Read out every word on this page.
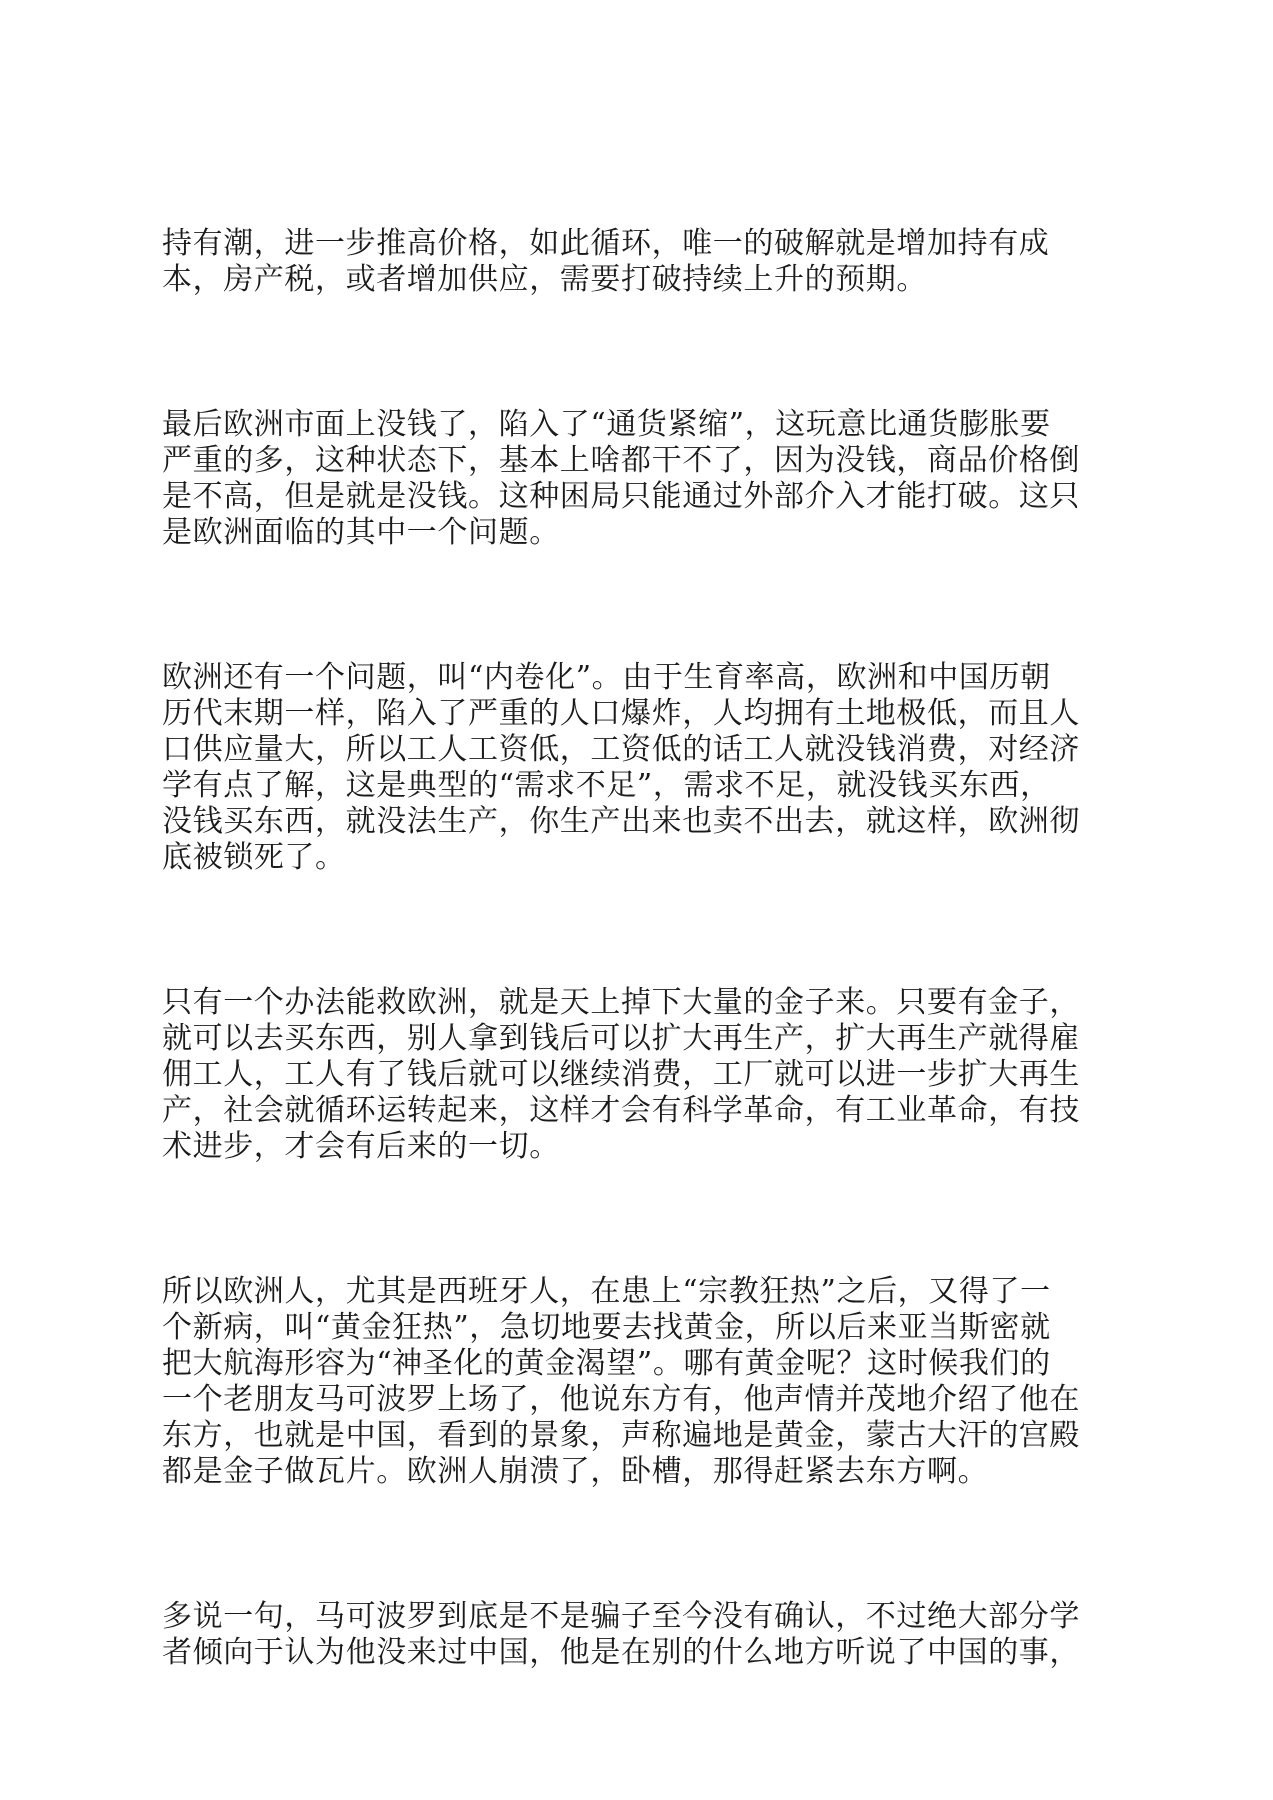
持有潮，进一步推高价格，如此循环，唯一的破解就是增加持有成
本，房产税，或者增加供应，需要打破持续上升的预期。
最后欧洲市面上没钱了，陷入了“通货紧缩”，这玩意比通货膨胀要
严重的多，这种状态下，基本上啥都干不了，因为没钱，商品价格倒
是不高，但是就是没钱。这种困局只能通过外部介入才能打破。这只
是欧洲面临的其中一个问题。
欧洲还有一个问题，叫“内卷化”。由于生育率高，欧洲和中国历朝
历代末期一样，陷入了严重的人口爆炸，人均拥有土地极低，而且人
口供应量大，所以工人工资低，工资低的话工人就没钱消费，对经济
学有点了解，这是典型的“需求不足”，需求不足，就没钱买东西，
没钱买东西，就没法生产，你生产出来也卖不出去，就这样，欧洲彻
底被锁死了。
只有一个办法能救欧洲，就是天上掉下大量的金子来。只要有金子，
就可以去买东西，别人拿到钱后可以扩大再生产，扩大再生产就得雇
佣工人，工人有了钱后就可以继续消费，工厂就可以进一步扩大再生
产，社会就循环运转起来，这样才会有科学革命，有工业革命，有技
术进步，才会有后来的一切。
所以欧洲人，尤其是西班牙人，在患上“宗教狂热”之后，又得了一
个新病，叫“黄金狂热”，急切地要去找黄金，所以后来亚当斯密就
把大航海形容为“神圣化的黄金渴望”。哪有黄金呢？这时候我们的
一个老朋友马可波罗上场了，他说东方有，他声情并茂地介绍了他在
东方，也就是中国，看到的景象，声称遍地是黄金，蒙古大汗的宫殿
都是金子做瓦片。欧洲人崩溃了，卧槽，那得赶紧去东方啊。
多说一句，马可波罗到底是不是骗子至今没有确认，不过绝大部分学
者倾向于认为他没来过中国，他是在别的什么地方听说了中国的事，
